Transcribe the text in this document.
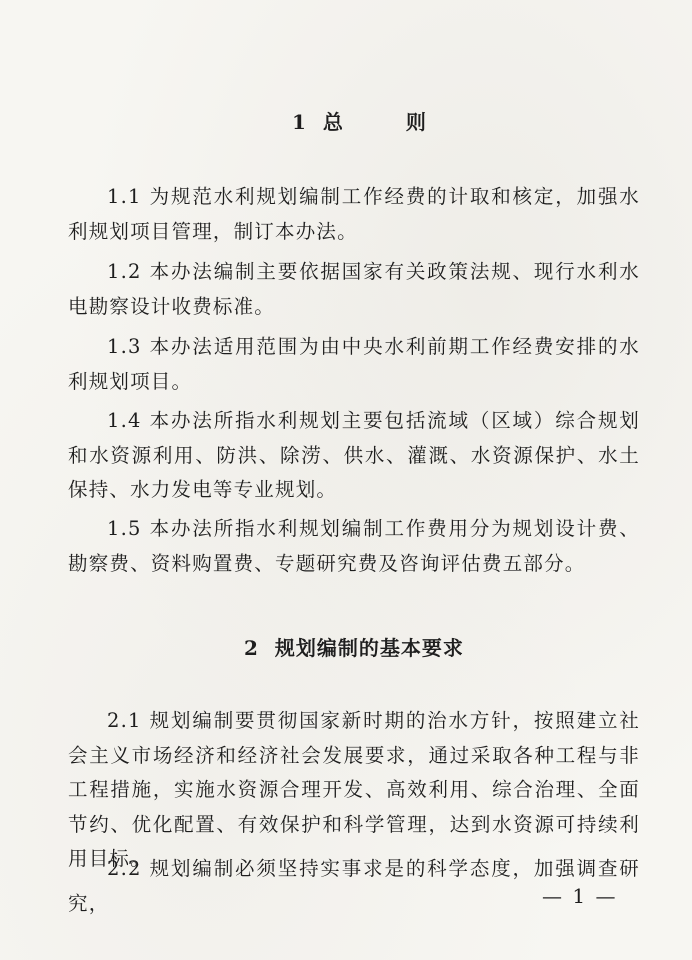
1 总 则
1.1 为规范水利规划编制工作经费的计取和核定，加强水利规划项目管理，制订本办法。
1.2 本办法编制主要依据国家有关政策法规、现行水利水电勘察设计收费标准。
1.3 本办法适用范围为由中央水利前期工作经费安排的水利规划项目。
1.4 本办法所指水利规划主要包括流域（区域）综合规划和水资源利用、防洪、除涝、供水、灌溉、水资源保护、水土保持、水力发电等专业规划。
1.5 本办法所指水利规划编制工作费用分为规划设计费、勘察费、资料购置费、专题研究费及咨询评估费五部分。
2 规划编制的基本要求
2.1 规划编制要贯彻国家新时期的治水方针，按照建立社会主义市场经济和经济社会发展要求，通过采取各种工程与非工程措施，实施水资源合理开发、高效利用、综合治理、全面节约、优化配置、有效保护和科学管理，达到水资源可持续利用目标。
2.2 规划编制必须坚持实事求是的科学态度，加强调查研究，	— 1 —
